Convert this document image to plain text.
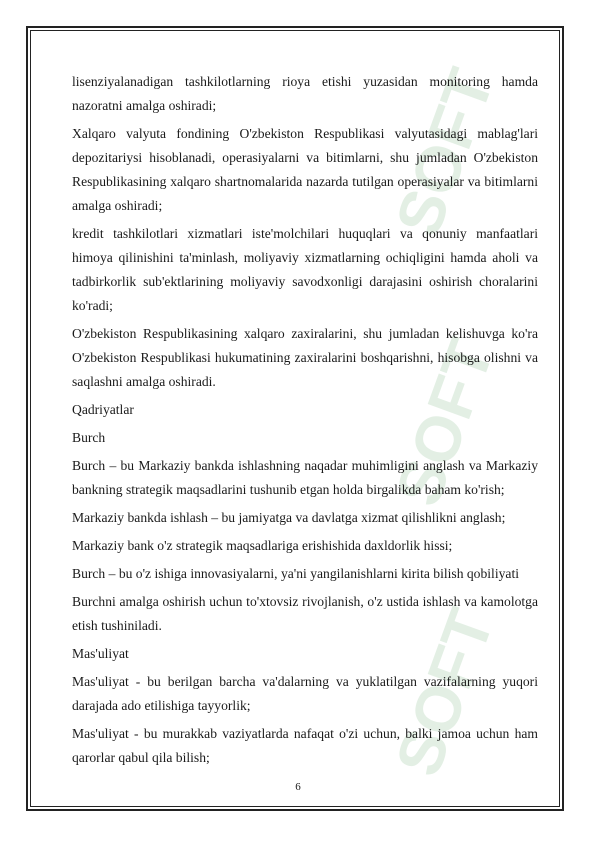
SOFT
SOFT
SOFT

lisenziyalanadigan tashkilotlarning rioya etishi yuzasidan monitoring hamda nazoratni amalga oshiradi;

Xalqaro valyuta fondining O'zbekiston Respublikasi valyutasidagi mablag'lari depozitariysi hisoblanadi, operasiyalarni va bitimlarni, shu jumladan O'zbekiston Respublikasining xalqaro shartnomalarida nazarda tutilgan operasiyalar va bitimlarni amalga oshiradi;

kredit tashkilotlari xizmatlari iste'molchilari huquqlari va qonuniy manfaatlari himoya qilinishini ta'minlash, moliyaviy xizmatlarning ochiqligini hamda aholi va tadbirkorlik sub'ektlarining moliyaviy savodxonligi darajasini oshirish choralarini ko'radi;

O'zbekiston Respublikasining xalqaro zaxiralarini, shu jumladan kelishuvga ko'ra O'zbekiston Respublikasi hukumatining zaxiralarini boshqarishni, hisobga olishni va saqlashni amalga oshiradi.

Qadriyatlar

Burch

Burch – bu Markaziy bankda ishlashning naqadar muhimligini anglash va Markaziy bankning strategik maqsadlarini tushunib etgan holda birgalikda baham ko'rish;

Markaziy bankda ishlash – bu jamiyatga va davlatga xizmat qilishlikni anglash;

Markaziy bank o'z strategik maqsadlariga erishishida daxldorlik hissi;

Burch – bu o'z ishiga innovasiyalarni, ya'ni yangilanishlarni kirita bilish qobiliyati

Burchni amalga oshirish uchun to'xtovsiz rivojlanish, o'z ustida ishlash va kamolotga etish tushiniladi.

Mas'uliyat

Mas'uliyat - bu berilgan barcha va'dalarning va yuklatilgan vazifalarning yuqori darajada ado etilishiga tayyorlik;

Mas'uliyat - bu murakkab vaziyatlarda nafaqat o'zi uchun, balki jamoa uchun ham qarorlar qabul qila bilish;

6
